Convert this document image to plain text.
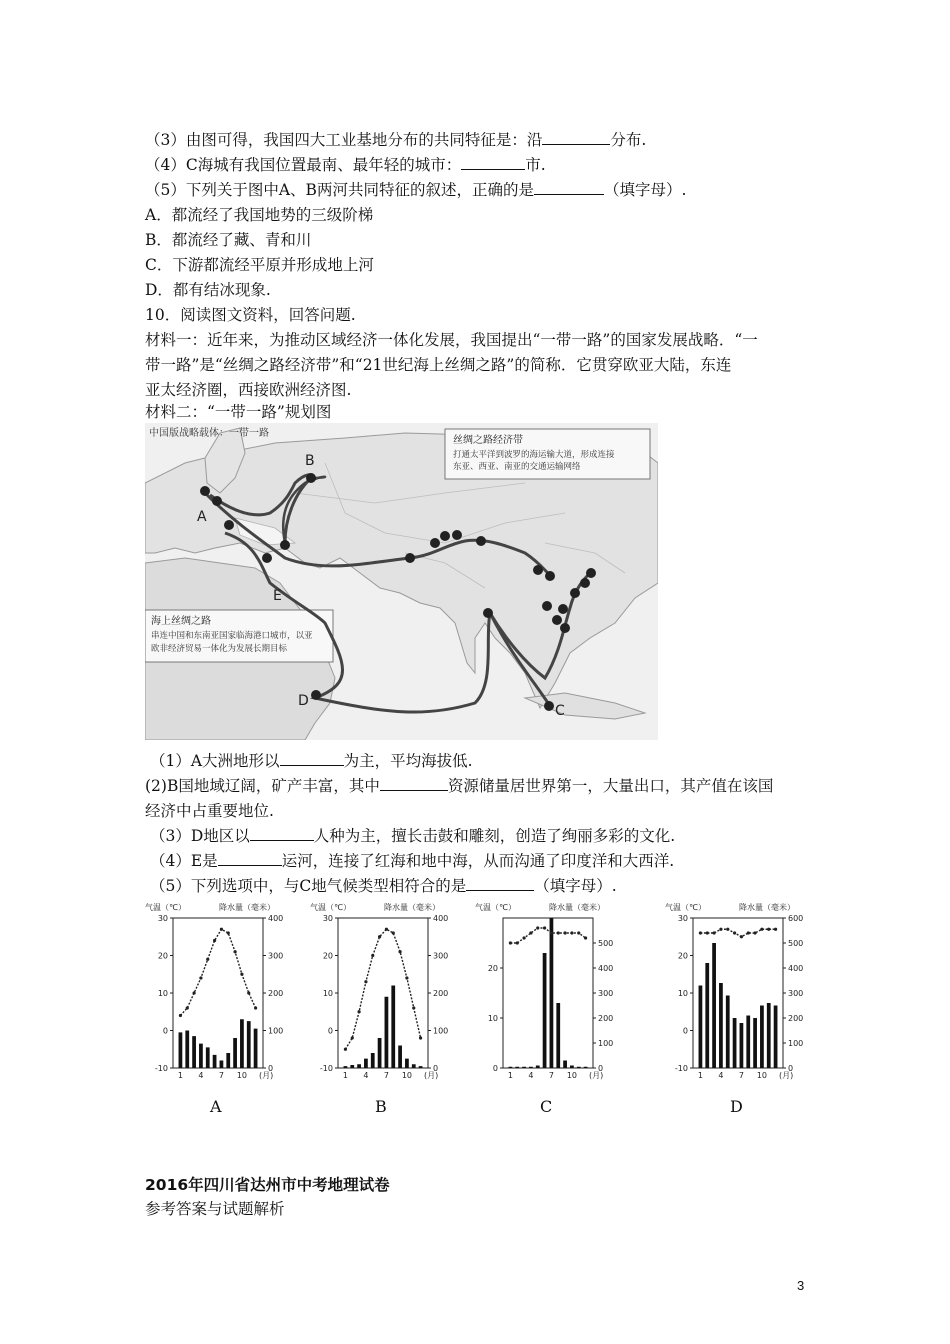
（3）由图可得，我国四大工业基地分布的共同特征是：沿	分布.
（4）C海城有我国位置最南、最年轻的城市：	市.
（5）下列关于图中A、B两河共同特征的叙述，正确的是	（填字母）.
A．都流经了我国地势的三级阶梯
B．都流经了藏、青和川
C．下游都流经平原并形成地上河
D．都有结冰现象.
10．阅读图文资料，回答问题.
材料一：近年来，为推动区域经济一体化发展，我国提出“一带一路”的国家发展战略．“一
带一路”是“丝绸之路经济带”和“21世纪海上丝绸之路”的简称．它贯穿欧亚大陆，东连
亚太经济圈，西接欧洲经济图.
材料二：“一带一路”规划图
中国版战略载体：一带一路
丝绸之路经济带
打通太平洋到波罗的海运输大道，形成连接
东亚、西亚、南亚的交通运输网络
海上丝绸之路
串连中国和东南亚国家临海港口城市，以亚
欧非经济贸易一体化为发展长期目标
A
B
C
D
E
（1）A大洲地形以	为主，平均海拔低.
(2)B国地域辽阔，矿产丰富，其中	资源储量居世界第一，大量出口，其产值在该国
经济中占重要地位.
（3）D地区以	人种为主，擅长击鼓和雕刻，创造了绚丽多彩的文化.
（4）E是	运河，连接了红海和地中海，从而沟通了印度洋和大西洋.
（5）下列选项中，与C地气候类型相符合的是	（填字母）.
气温（℃）	降水量（毫米）
30
20
10
0
-10
400
300
200
100
0
1 4 7 10 (月)
A
气温（℃）	降水量（毫米）
30
20
10
0
-10
400
300
200
100
0
1 4 7 10 (月)
B
气温（℃）	降水量（毫米）
20
10
0
500
400
300
200
100
0
1 4 7 10 (月)
C
气温（℃）	降水量（毫米）
30
20
10
0
-10
600
500
400
300
200
100
0
1 4 7 10 (月)
D
2016年四川省达州市中考地理试卷
参考答案与试题解析
3
